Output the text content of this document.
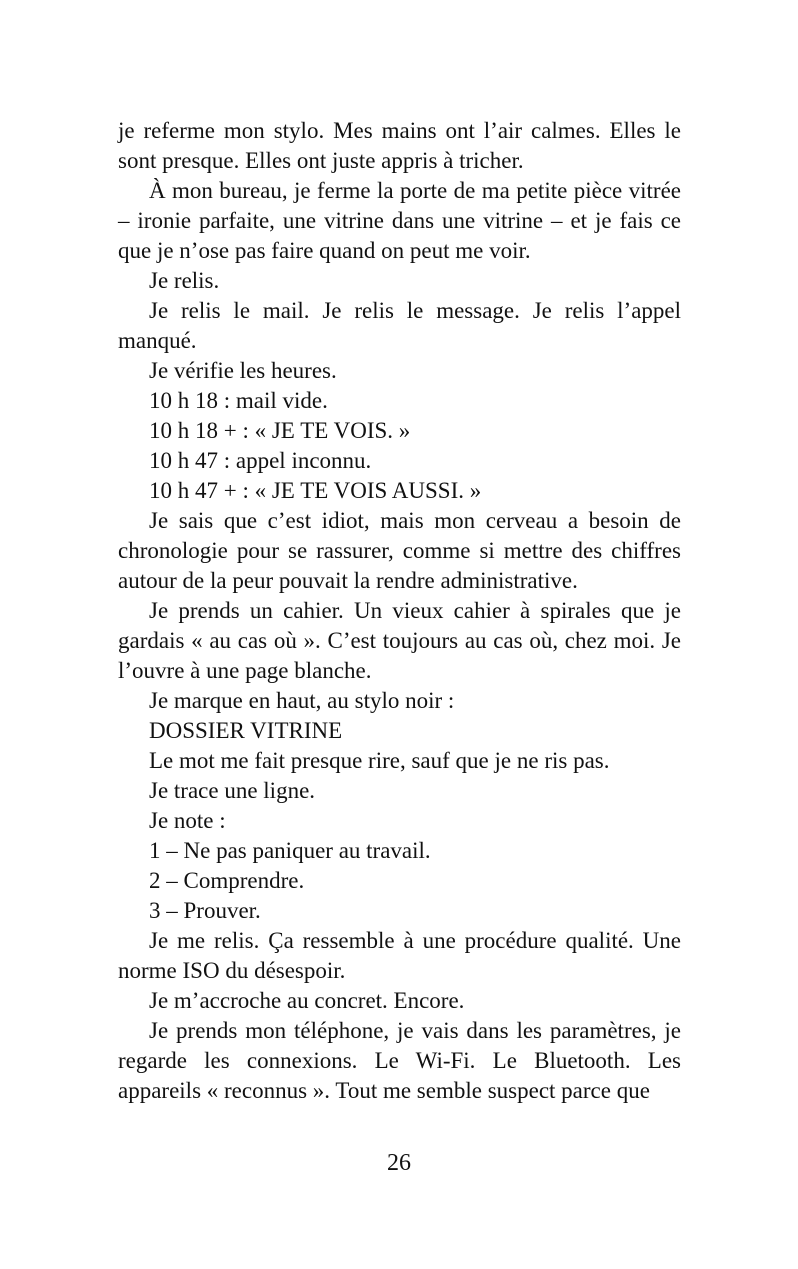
je referme mon stylo. Mes mains ont l’air calmes. Elles le sont presque. Elles ont juste appris à tricher.

À mon bureau, je ferme la porte de ma petite pièce vitrée – ironie parfaite, une vitrine dans une vitrine – et je fais ce que je n’ose pas faire quand on peut me voir.

Je relis.

Je relis le mail. Je relis le message. Je relis l’appel manqué.

Je vérifie les heures.

10 h 18 : mail vide.

10 h 18 + : « JE TE VOIS. »

10 h 47 : appel inconnu.

10 h 47 + : « JE TE VOIS AUSSI. »

Je sais que c’est idiot, mais mon cerveau a besoin de chronologie pour se rassurer, comme si mettre des chiffres autour de la peur pouvait la rendre administrative.

Je prends un cahier. Un vieux cahier à spirales que je gardais « au cas où ». C’est toujours au cas où, chez moi. Je l’ouvre à une page blanche.

Je marque en haut, au stylo noir :

DOSSIER VITRINE

Le mot me fait presque rire, sauf que je ne ris pas.

Je trace une ligne.

Je note :

1 – Ne pas paniquer au travail.

2 – Comprendre.

3 – Prouver.

Je me relis. Ça ressemble à une procédure qualité. Une norme ISO du désespoir.

Je m’accroche au concret. Encore.

Je prends mon téléphone, je vais dans les paramètres, je regarde les connexions. Le Wi-Fi. Le Bluetooth. Les appareils « reconnus ». Tout me semble suspect parce que

26
